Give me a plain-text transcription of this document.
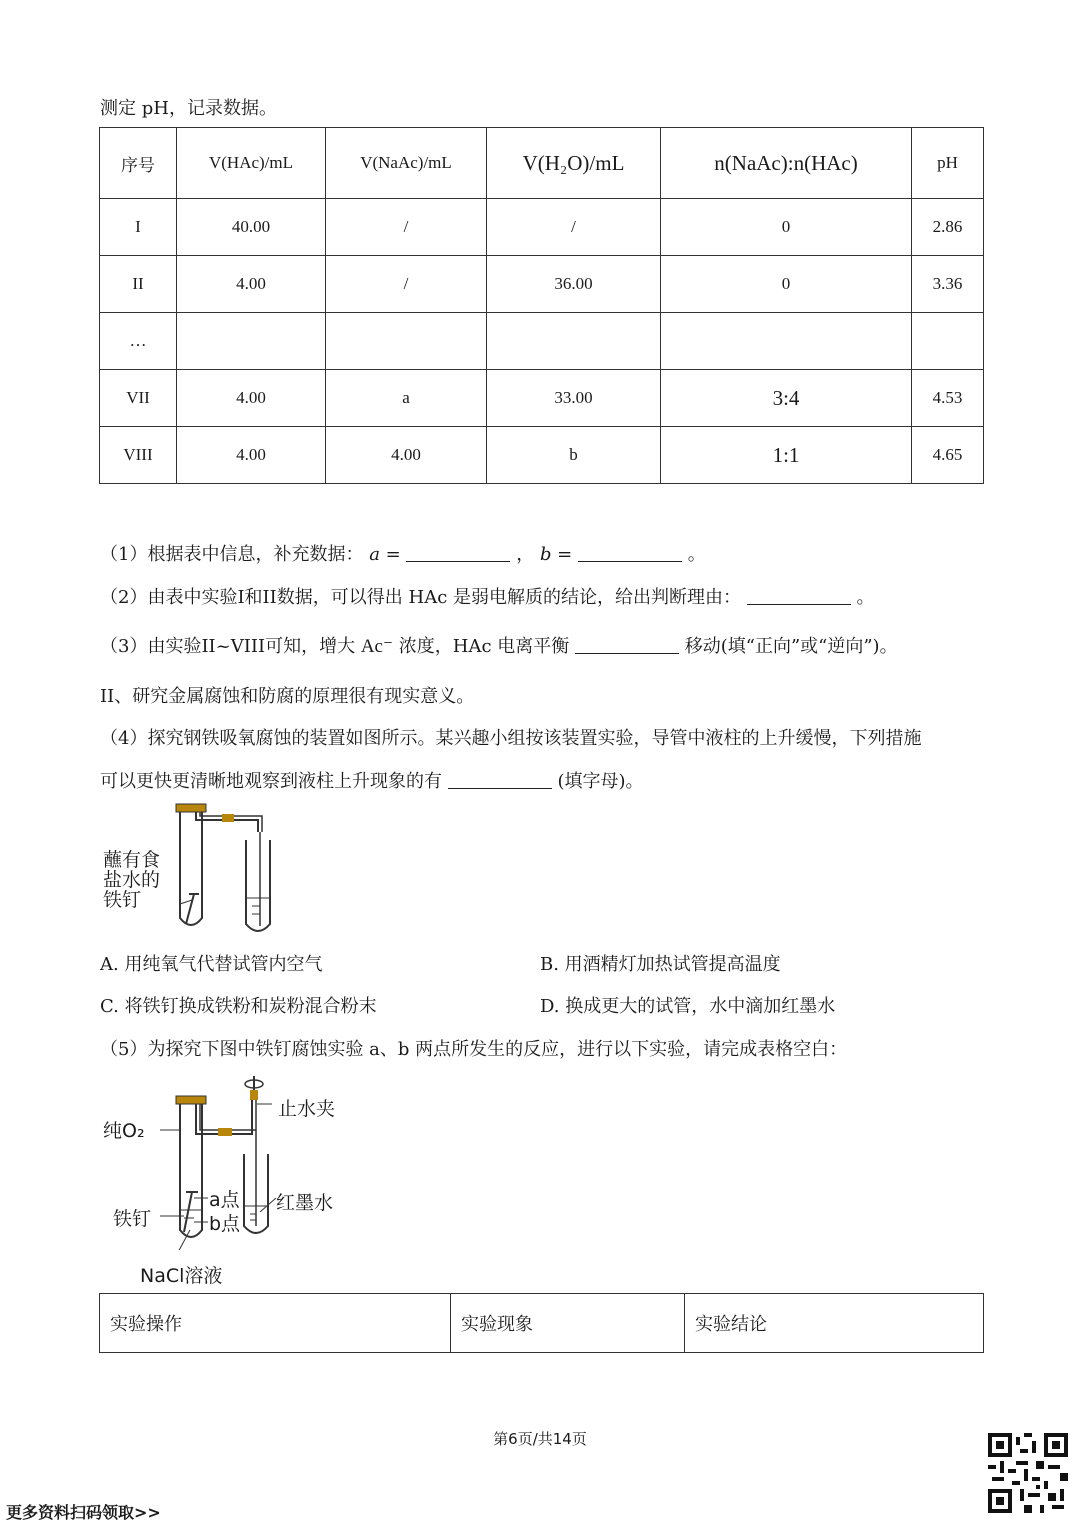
测定 pH，记录数据。
序号	V(HAc)/mL	V(NaAc)/mL	V(H₂O)/mL	n(NaAc):n(HAc)	pH
I	40.00	/	/	0	2.86
II	4.00	/	36.00	0	3.36
…					
VII	4.00	a	33.00	3:4	4.53
VIII	4.00	4.00	b	1:1	4.65
（1）根据表中信息，补充数据： a =	， b =	。
（2）由表中实验I和II数据，可以得出 HAc 是弱电解质的结论，给出判断理由：	。
（3）由实验II~VIII可知，增大 Ac⁻ 浓度，HAc 电离平衡	移动(填“正向”或“逆向”)。
II、研究金属腐蚀和防腐的原理很有现实意义。
（4）探究钢铁吸氧腐蚀的装置如图所示。某兴趣小组按该装置实验，导管中液柱的上升缓慢，下列措施
可以更快更清晰地观察到液柱上升现象的有	(填字母)。
蘸有食
盐水的
铁钉
A. 用纯氧气代替试管内空气	B. 用酒精灯加热试管提高温度
C. 将铁钉换成铁粉和炭粉混合粉末	D. 换成更大的试管，水中滴加红墨水
（5）为探究下图中铁钉腐蚀实验 a、b 两点所发生的反应，进行以下实验，请完成表格空白：
纯O₂
止水夹
a点
b点
铁钉
红墨水
NaCl溶液
实验操作	实验现象	实验结论
第6页/共14页
更多资料扫码领取>>
